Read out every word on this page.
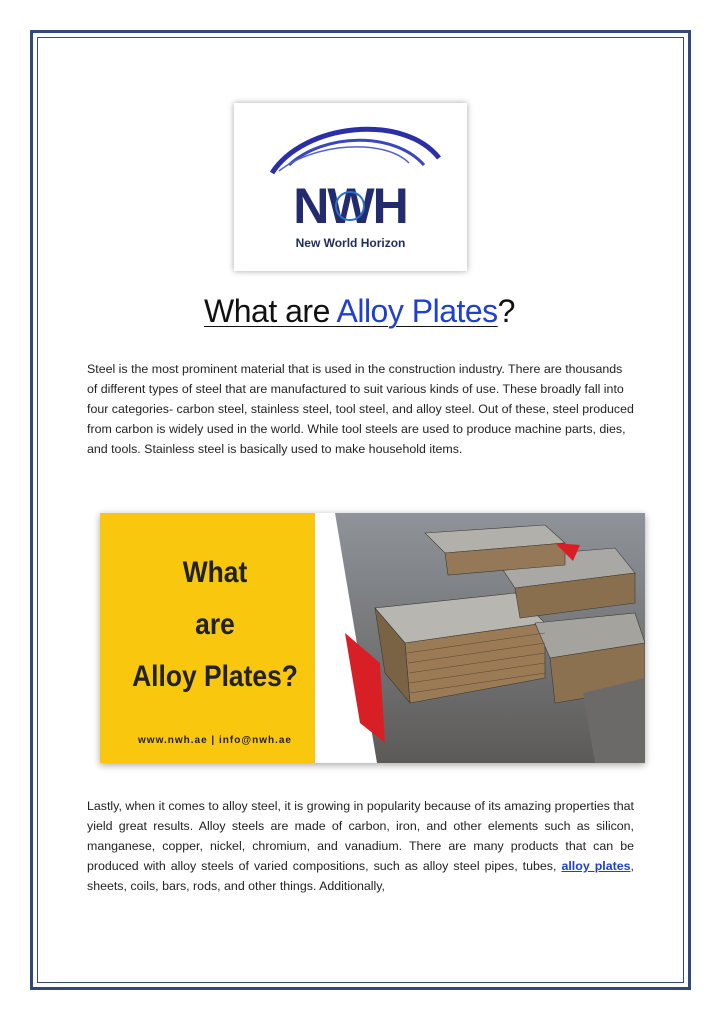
NWH
New World Horizon
What are Alloy Plates?

Steel is the most prominent material that is used in the construction industry. There are thousands of different types of steel that are manufactured to suit various kinds of use. These broadly fall into four categories- carbon steel, stainless steel, tool steel, and alloy steel. Out of these, steel produced from carbon is widely used in the world. While tool steels are used to produce machine parts, dies, and tools. Stainless steel is basically used to make household items.

What
are
Alloy Plates?
www.nwh.ae | info@nwh.ae

Lastly, when it comes to alloy steel, it is growing in popularity because of its amazing properties that yield great results. Alloy steels are made of carbon, iron, and other elements such as silicon, manganese, copper, nickel, chromium, and vanadium. There are many products that can be produced with alloy steels of varied compositions, such as alloy steel pipes, tubes, alloy plates, sheets, coils, bars, rods, and other things. Additionally,
